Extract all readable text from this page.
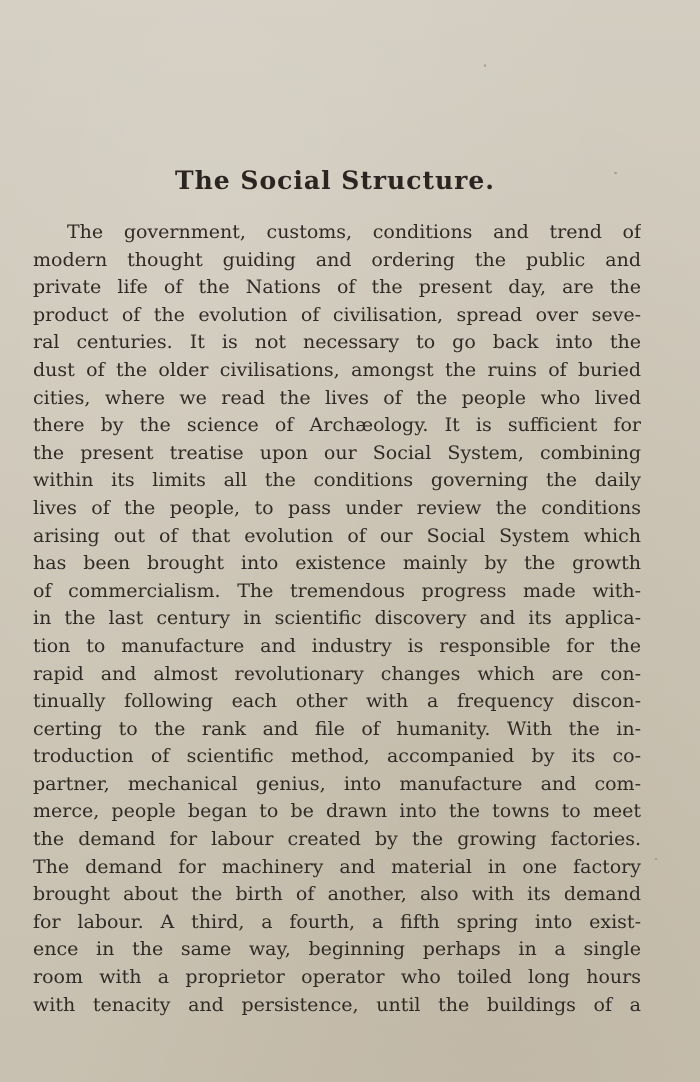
The Social Structure.
The government, customs, conditions and trend of
modern thought guiding and ordering the public and
private life of the Nations of the present day, are the
product of the evolution of civilisation, spread over seve-
ral centuries. It is not necessary to go back into the
dust of the older civilisations, amongst the ruins of buried
cities, where we read the lives of the people who lived
there by the science of Archæology. It is sufficient for
the present treatise upon our Social System, combining
within its limits all the conditions governing the daily
lives of the people, to pass under review the conditions
arising out of that evolution of our Social System which
has been brought into existence mainly by the growth
of commercialism. The tremendous progress made with-
in the last century in scientific discovery and its applica-
tion to manufacture and industry is responsible for the
rapid and almost revolutionary changes which are con-
tinually following each other with a frequency discon-
certing to the rank and file of humanity. With the in-
troduction of scientific method, accompanied by its co-
partner, mechanical genius, into manufacture and com-
merce, people began to be drawn into the towns to meet
the demand for labour created by the growing factories.
The demand for machinery and material in one factory
brought about the birth of another, also with its demand
for labour. A third, a fourth, a fifth spring into exist-
ence in the same way, beginning perhaps in a single
room with a proprietor operator who toiled long hours
with tenacity and persistence, until the buildings of a
